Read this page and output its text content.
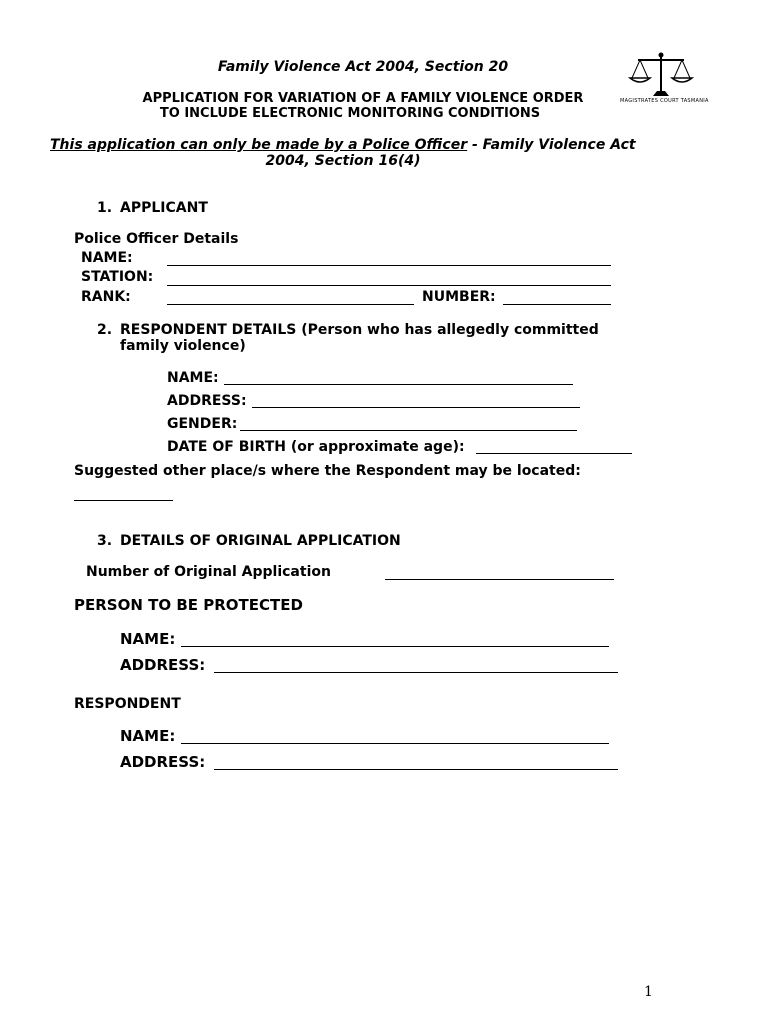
Family Violence Act 2004, Section 20
MAGISTRATES COURT TASMANIA
APPLICATION FOR VARIATION OF A FAMILY VIOLENCE ORDER
TO INCLUDE ELECTRONIC MONITORING CONDITIONS
This application can only be made by a Police Officer - Family Violence Act
2004, Section 16(4)
1. APPLICANT
Police Officer Details
NAME:
STATION:
RANK:	NUMBER:
2. RESPONDENT DETAILS (Person who has allegedly committed
family violence)
NAME:
ADDRESS:
GENDER:
DATE OF BIRTH (or approximate age):
Suggested other place/s where the Respondent may be located:
3. DETAILS OF ORIGINAL APPLICATION
Number of Original Application
PERSON TO BE PROTECTED
NAME:
ADDRESS:
RESPONDENT
NAME:
ADDRESS:
1
